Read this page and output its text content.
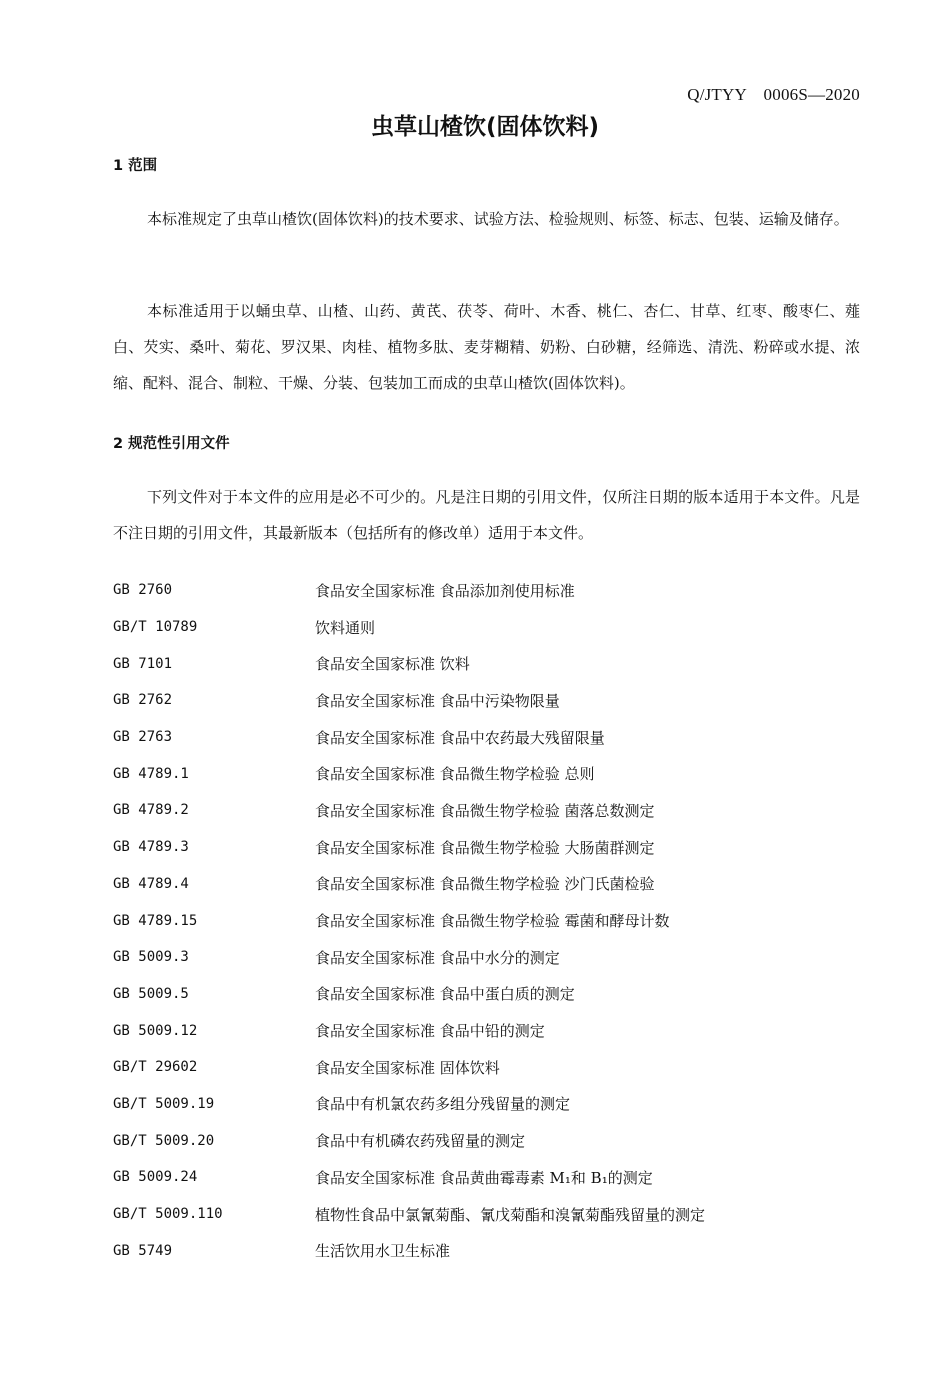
Q/JTYY　0006S—2020
虫草山楂饮(固体饮料)
1 范围
本标准规定了虫草山楂饮(固体饮料)的技术要求、试验方法、检验规则、标签、标志、包装、运输及储存。
本标准适用于以蛹虫草、山楂、山药、黄芪、茯苓、荷叶、木香、桃仁、杏仁、甘草、红枣、酸枣仁、薤白、芡实、桑叶、菊花、罗汉果、肉桂、植物多肽、麦芽糊精、奶粉、白砂糖，经筛选、清洗、粉碎或水提、浓缩、配料、混合、制粒、干燥、分装、包装加工而成的虫草山楂饮(固体饮料)。
2 规范性引用文件
下列文件对于本文件的应用是必不可少的。凡是注日期的引用文件，仅所注日期的版本适用于本文件。凡是不注日期的引用文件，其最新版本（包括所有的修改单）适用于本文件。
GB 2760	食品安全国家标准 食品添加剂使用标准
GB/T 10789	饮料通则
GB 7101	食品安全国家标准 饮料
GB 2762	食品安全国家标准 食品中污染物限量
GB 2763	食品安全国家标准 食品中农药最大残留限量
GB 4789.1	食品安全国家标准 食品微生物学检验 总则
GB 4789.2	食品安全国家标准 食品微生物学检验 菌落总数测定
GB 4789.3	食品安全国家标准 食品微生物学检验 大肠菌群测定
GB 4789.4	食品安全国家标准 食品微生物学检验 沙门氏菌检验
GB 4789.15	食品安全国家标准 食品微生物学检验 霉菌和酵母计数
GB 5009.3	食品安全国家标准 食品中水分的测定
GB 5009.5	食品安全国家标准 食品中蛋白质的测定
GB 5009.12	食品安全国家标准 食品中铅的测定
GB/T 29602	食品安全国家标准 固体饮料
GB/T 5009.19	食品中有机氯农药多组分残留量的测定
GB/T 5009.20	食品中有机磷农药残留量的测定
GB 5009.24	食品安全国家标准 食品黄曲霉毒素 M₁和 B₁的测定
GB/T 5009.110	植物性食品中氯氰菊酯、氰戊菊酯和溴氰菊酯残留量的测定
GB 5749	生活饮用水卫生标准
